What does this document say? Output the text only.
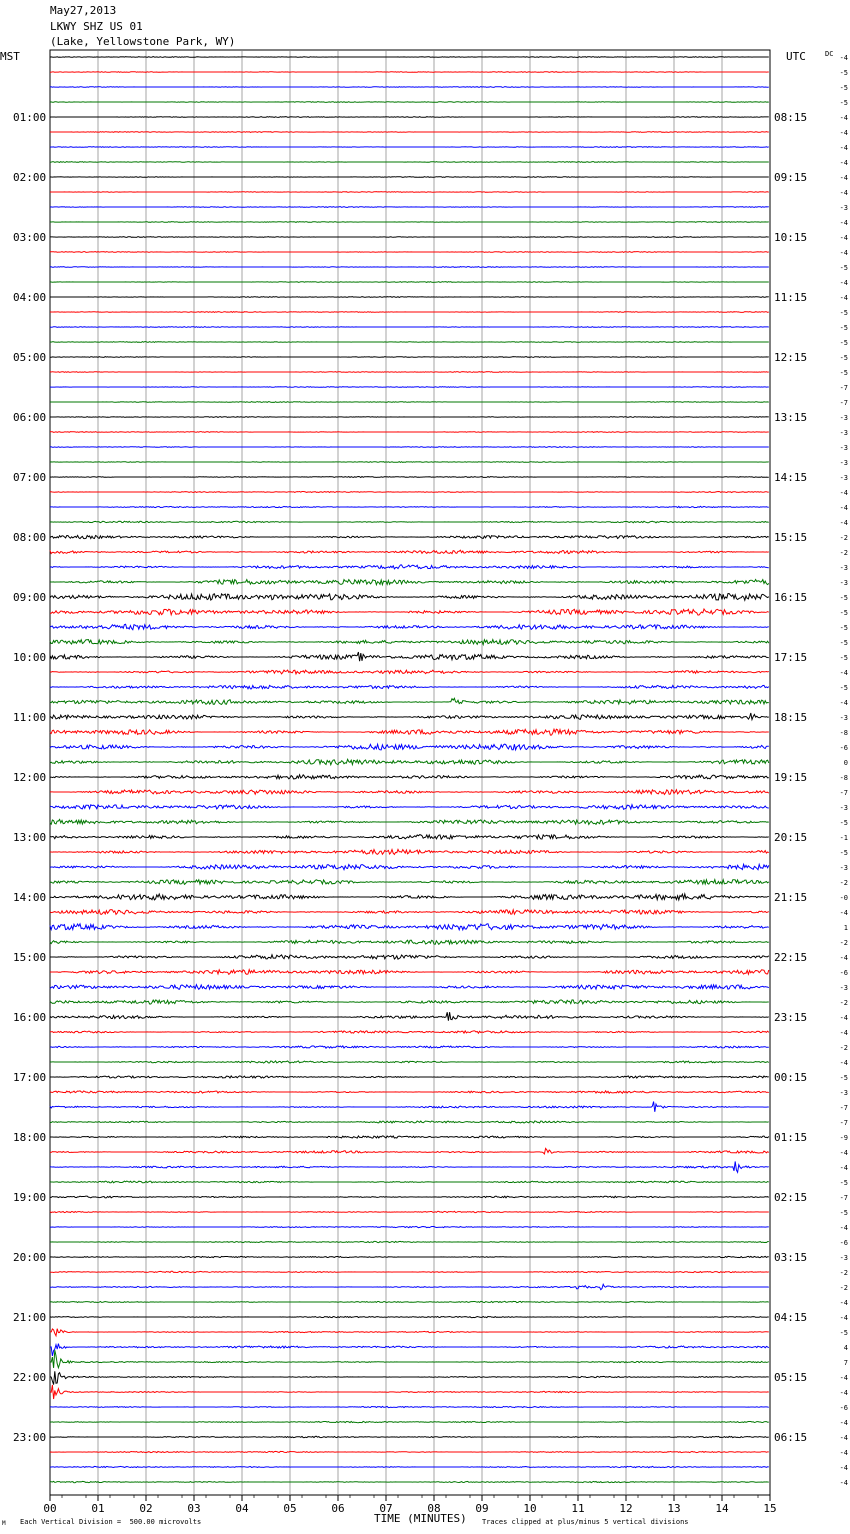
May27,2013
LKWY SHZ US 01
(Lake, Yellowstone Park, WY)
MST	UTC	DC
01:00
02:00
03:00
04:00
05:00
06:00
07:00
08:00
09:00
10:00
11:00
12:00
13:00
14:00
15:00
16:00
17:00
18:00
19:00
20:00
21:00
22:00
23:00
08:15
09:15
10:15
11:15
12:15
13:15
14:15
15:15
16:15
17:15
18:15
19:15
20:15
21:15
22:15
23:15
00:15
01:15
02:15
03:15
04:15
05:15
06:15
-4
-5
-5
-5
-4
-4
-4
-4
-4
-4
-3
-4
-4
-4
-5
-4
-4
-5
-5
-5
-5
-5
-7
-7
-3
-3
-3
-3
-3
-4
-4
-4
-2
-2
-3
-3
-5
-5
-5
-5
-5
-4
-5
-4
-3
-8
-6
0
-8
-7
-3
-5
-1
-5
-3
-2
-0
-4
1
-2
-4
-6
-3
-2
-4
-4
-2
-4
-5
-3
-7
-7
-9
-4
-4
-5
-7
-5
-4
-6
-3
-2
-2
-4
-4
-5
4
7
-4
-4
-6
-4
-4
-4
-4
-4
00	01	02	03	04	05	06	07	08	09	10	11	12	13	14	15
TIME (MINUTES)
Each Vertical Division =  500.00 microvolts	Traces clipped at plus/minus 5 vertical divisions
M
